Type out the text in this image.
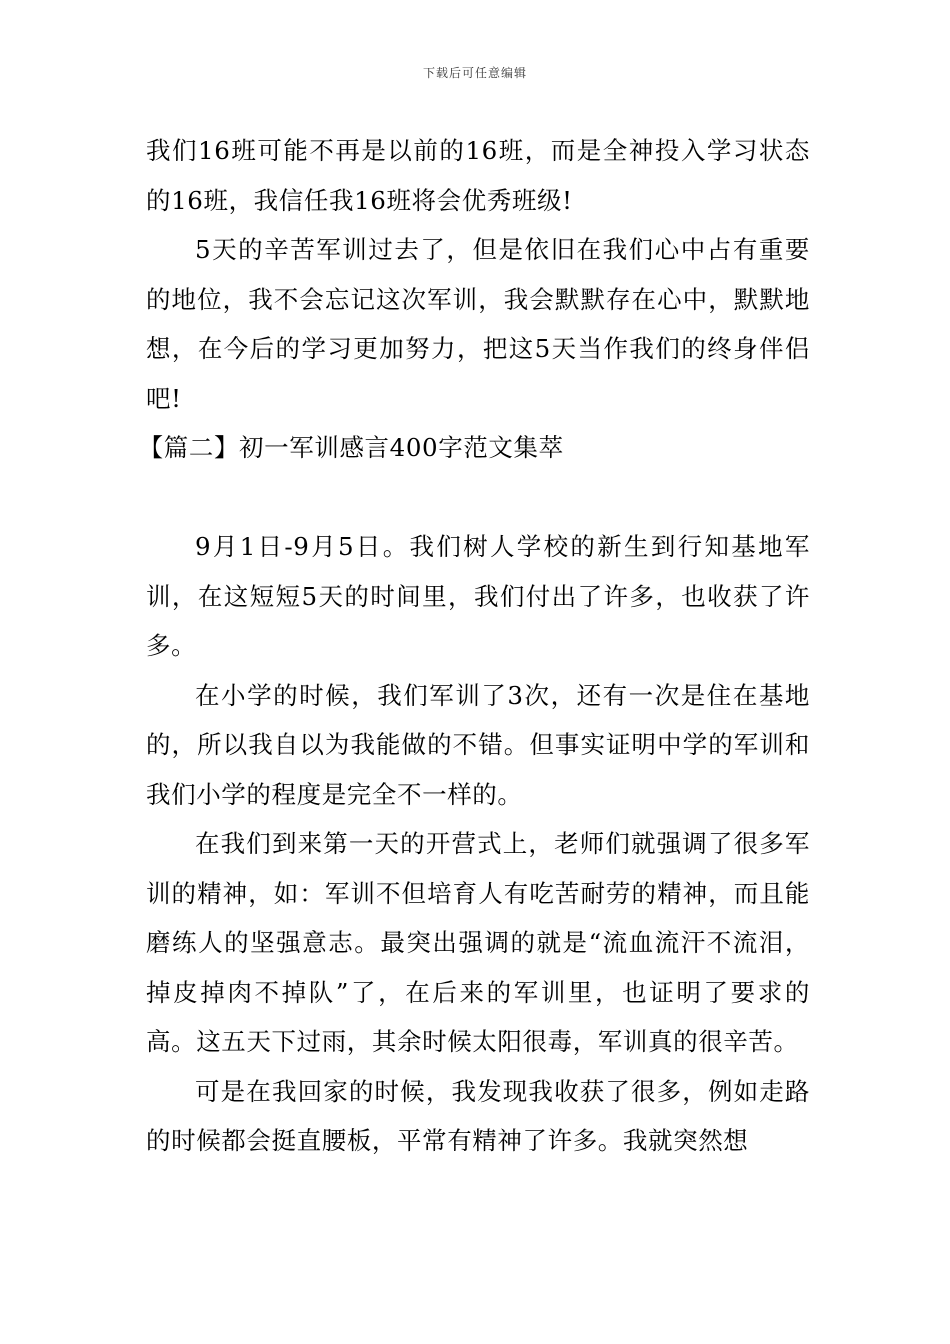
下载后可任意编辑

我们16班可能不再是以前的16班，而是全神投入学习状态的16班，我信任我16班将会优秀班级!

5天的辛苦军训过去了，但是依旧在我们心中占有重要的地位，我不会忘记这次军训，我会默默存在心中，默默地想，在今后的学习更加努力，把这5天当作我们的终身伴侣吧!

【篇二】初一军训感言400字范文集萃

9月1日-9月5日。我们树人学校的新生到行知基地军训，在这短短5天的时间里，我们付出了许多，也收获了许多。

在小学的时候，我们军训了3次，还有一次是住在基地的，所以我自以为我能做的不错。但事实证明中学的军训和我们小学的程度是完全不一样的。

在我们到来第一天的开营式上，老师们就强调了很多军训的精神，如：军训不但培育人有吃苦耐劳的精神，而且能磨练人的坚强意志。最突出强调的就是“流血流汗不流泪，掉皮掉肉不掉队”了，在后来的军训里，也证明了要求的高。这五天下过雨，其余时候太阳很毒，军训真的很辛苦。

可是在我回家的时候，我发现我收获了很多，例如走路的时候都会挺直腰板，平常有精神了许多。我就突然想
